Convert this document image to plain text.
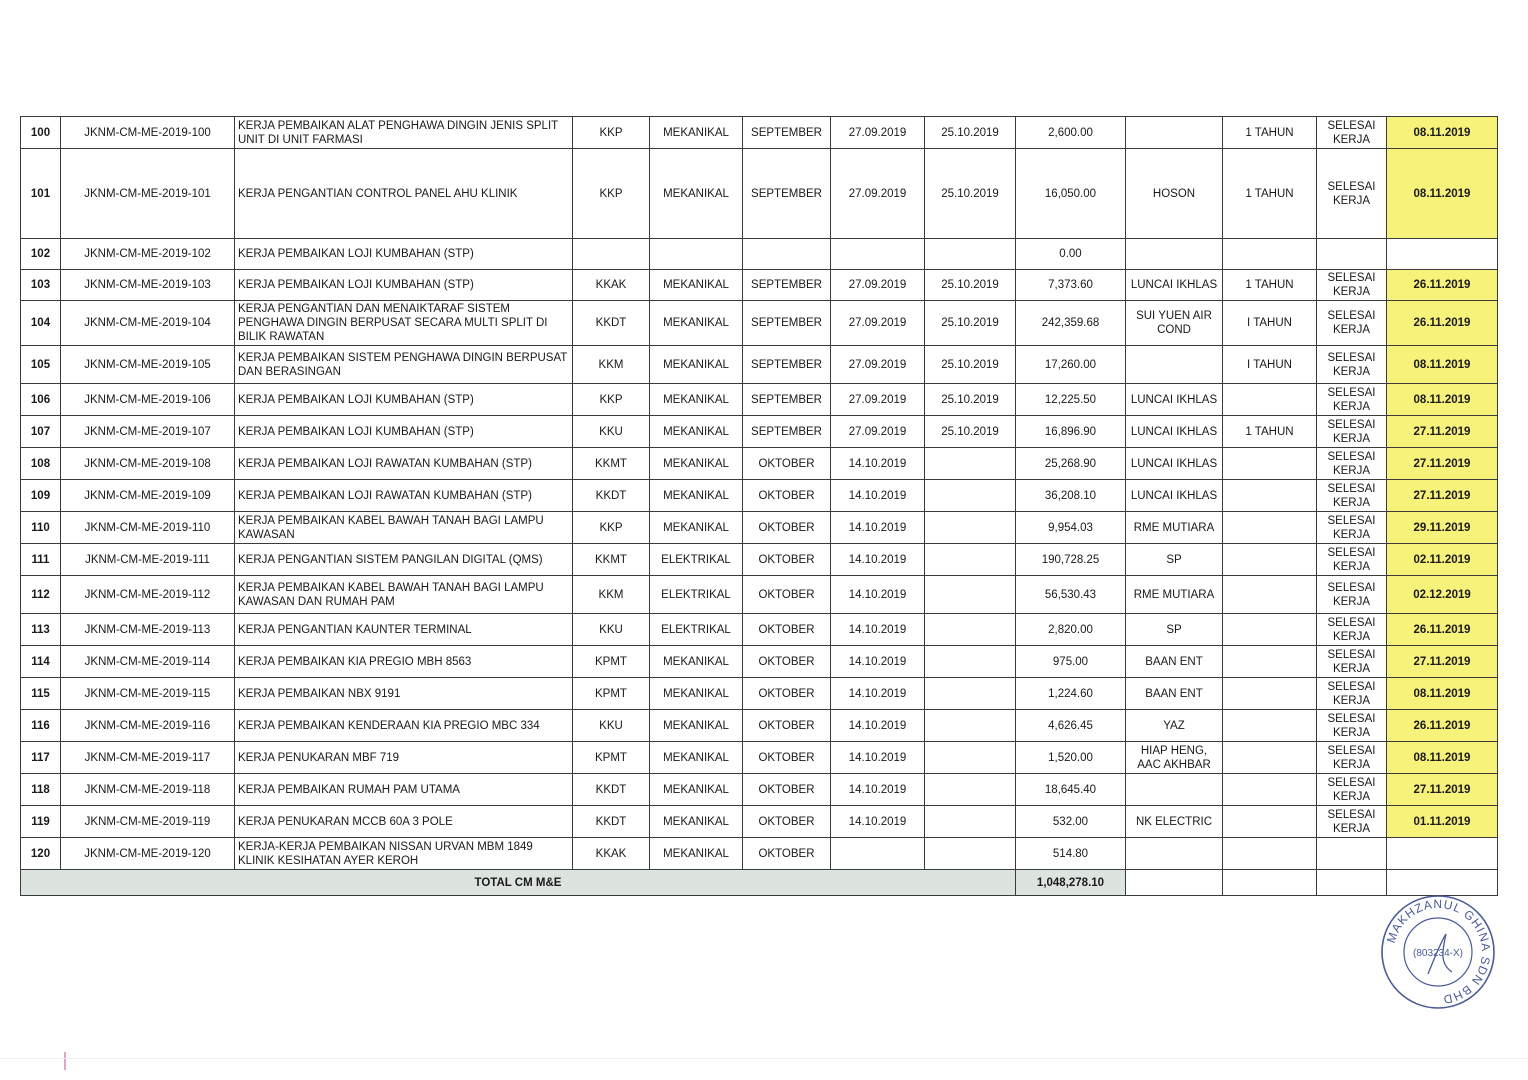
100	JKNM-CM-ME-2019-100	KERJA PEMBAIKAN ALAT PENGHAWA DINGIN JENIS SPLIT UNIT DI UNIT FARMASI	KKP	MEKANIKAL	SEPTEMBER	27.09.2019	25.10.2019	2,600.00		1 TAHUN	SELESAI KERJA	08.11.2019
101	JKNM-CM-ME-2019-101	KERJA PENGANTIAN CONTROL PANEL AHU KLINIK	KKP	MEKANIKAL	SEPTEMBER	27.09.2019	25.10.2019	16,050.00	HOSON	1 TAHUN	SELESAI KERJA	08.11.2019
102	JKNM-CM-ME-2019-102	KERJA PEMBAIKAN LOJI KUMBAHAN (STP)						0.00				
103	JKNM-CM-ME-2019-103	KERJA PEMBAIKAN LOJI KUMBAHAN (STP)	KKAK	MEKANIKAL	SEPTEMBER	27.09.2019	25.10.2019	7,373.60	LUNCAI IKHLAS	1 TAHUN	SELESAI KERJA	26.11.2019
104	JKNM-CM-ME-2019-104	KERJA PENGANTIAN DAN MENAIKTARAF SISTEM PENGHAWA DINGIN BERPUSAT SECARA MULTI SPLIT DI BILIK RAWATAN	KKDT	MEKANIKAL	SEPTEMBER	27.09.2019	25.10.2019	242,359.68	SUI YUEN AIR COND	I TAHUN	SELESAI KERJA	26.11.2019
105	JKNM-CM-ME-2019-105	KERJA PEMBAIKAN SISTEM PENGHAWA DINGIN BERPUSAT DAN BERASINGAN	KKM	MEKANIKAL	SEPTEMBER	27.09.2019	25.10.2019	17,260.00		I TAHUN	SELESAI KERJA	08.11.2019
106	JKNM-CM-ME-2019-106	KERJA PEMBAIKAN LOJI KUMBAHAN (STP)	KKP	MEKANIKAL	SEPTEMBER	27.09.2019	25.10.2019	12,225.50	LUNCAI IKHLAS		SELESAI KERJA	08.11.2019
107	JKNM-CM-ME-2019-107	KERJA PEMBAIKAN LOJI KUMBAHAN (STP)	KKU	MEKANIKAL	SEPTEMBER	27.09.2019	25.10.2019	16,896.90	LUNCAI IKHLAS	1 TAHUN	SELESAI KERJA	27.11.2019
108	JKNM-CM-ME-2019-108	KERJA PEMBAIKAN LOJI RAWATAN KUMBAHAN (STP)	KKMT	MEKANIKAL	OKTOBER	14.10.2019		25,268.90	LUNCAI IKHLAS		SELESAI KERJA	27.11.2019
109	JKNM-CM-ME-2019-109	KERJA PEMBAIKAN LOJI RAWATAN KUMBAHAN (STP)	KKDT	MEKANIKAL	OKTOBER	14.10.2019		36,208.10	LUNCAI IKHLAS		SELESAI KERJA	27.11.2019
110	JKNM-CM-ME-2019-110	KERJA PEMBAIKAN KABEL BAWAH TANAH BAGI LAMPU KAWASAN	KKP	MEKANIKAL	OKTOBER	14.10.2019		9,954.03	RME MUTIARA		SELESAI KERJA	29.11.2019
111	JKNM-CM-ME-2019-111	KERJA PENGANTIAN SISTEM PANGILAN DIGITAL (QMS)	KKMT	ELEKTRIKAL	OKTOBER	14.10.2019		190,728.25	SP		SELESAI KERJA	02.11.2019
112	JKNM-CM-ME-2019-112	KERJA PEMBAIKAN KABEL BAWAH TANAH BAGI LAMPU KAWASAN DAN RUMAH PAM	KKM	ELEKTRIKAL	OKTOBER	14.10.2019		56,530.43	RME MUTIARA		SELESAI KERJA	02.12.2019
113	JKNM-CM-ME-2019-113	KERJA PENGANTIAN KAUNTER TERMINAL	KKU	ELEKTRIKAL	OKTOBER	14.10.2019		2,820.00	SP		SELESAI KERJA	26.11.2019
114	JKNM-CM-ME-2019-114	KERJA PEMBAIKAN KIA PREGIO MBH 8563	KPMT	MEKANIKAL	OKTOBER	14.10.2019		975.00	BAAN ENT		SELESAI KERJA	27.11.2019
115	JKNM-CM-ME-2019-115	KERJA PEMBAIKAN NBX 9191	KPMT	MEKANIKAL	OKTOBER	14.10.2019		1,224.60	BAAN ENT		SELESAI KERJA	08.11.2019
116	JKNM-CM-ME-2019-116	KERJA PEMBAIKAN KENDERAAN KIA PREGIO MBC 334	KKU	MEKANIKAL	OKTOBER	14.10.2019		4,626.45	YAZ		SELESAI KERJA	26.11.2019
117	JKNM-CM-ME-2019-117	KERJA PENUKARAN MBF 719	KPMT	MEKANIKAL	OKTOBER	14.10.2019		1,520.00	HIAP HENG, AAC AKHBAR		SELESAI KERJA	08.11.2019
118	JKNM-CM-ME-2019-118	KERJA PEMBAIKAN RUMAH PAM UTAMA	KKDT	MEKANIKAL	OKTOBER	14.10.2019		18,645.40			SELESAI KERJA	27.11.2019
119	JKNM-CM-ME-2019-119	KERJA PENUKARAN MCCB 60A 3 POLE	KKDT	MEKANIKAL	OKTOBER	14.10.2019		532.00	NK ELECTRIC		SELESAI KERJA	01.11.2019
120	JKNM-CM-ME-2019-120	KERJA-KERJA PEMBAIKAN NISSAN URVAN MBM 1849 KLINIK KESIHATAN AYER KEROH	KKAK	MEKANIKAL	OKTOBER			514.80				
TOTAL CM M&E								1,048,278.10				
MAKHZANUL GHINA SDN BHD
(803234-X)
